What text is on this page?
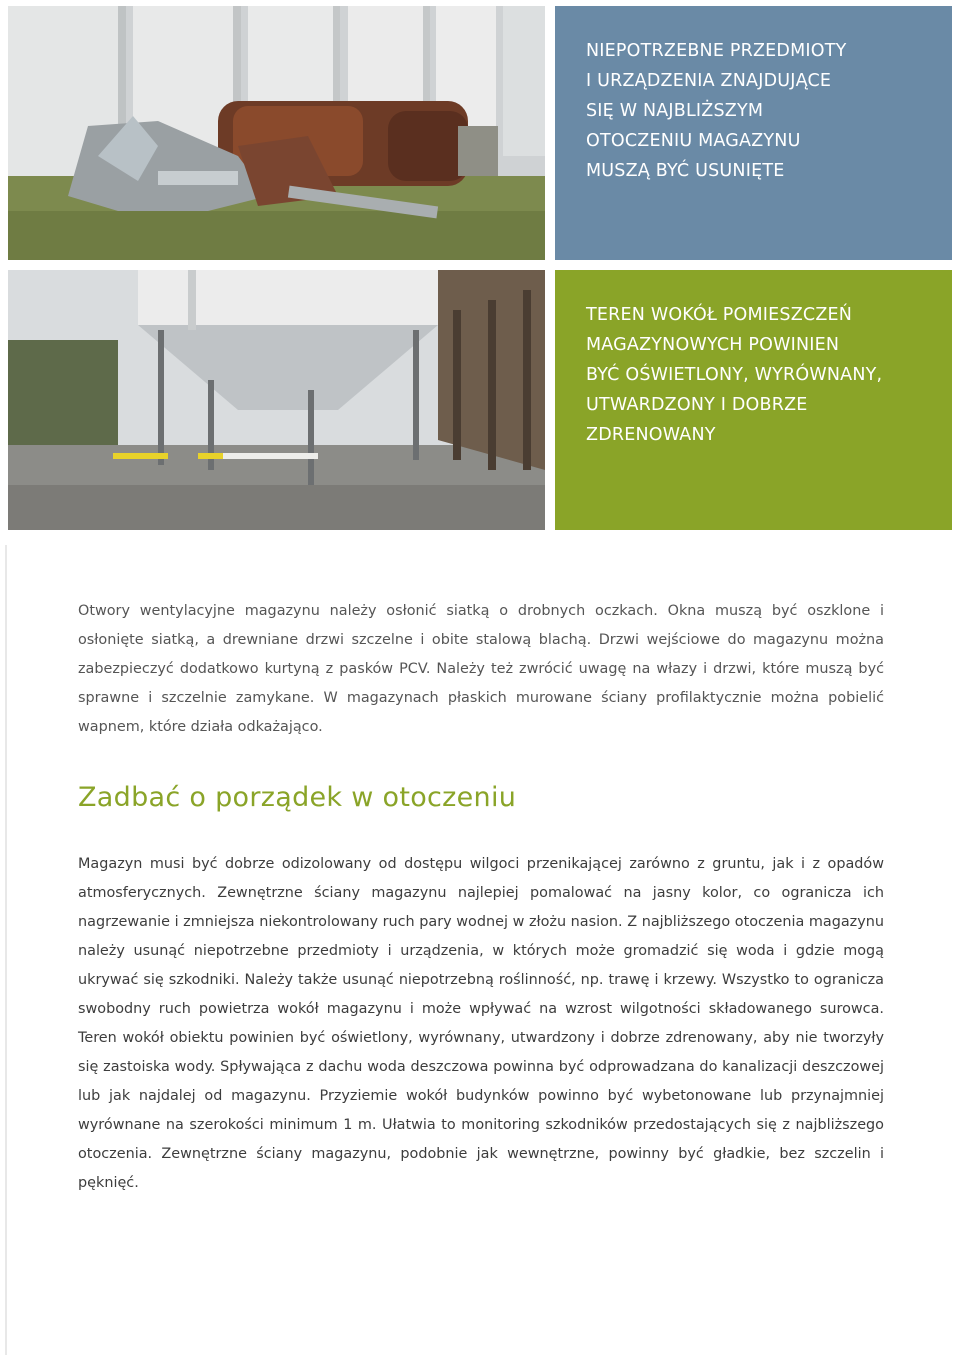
NIEPOTRZEBNE PRZEDMIOTY
I URZĄDZENIA ZNAJDUJĄCE
SIĘ W NAJBLIŻSZYM
OTOCZENIU MAGAZYNU
MUSZĄ BYĆ USUNIĘTE
TEREN WOKÓŁ POMIESZCZEŃ
MAGAZYNOWYCH POWINIEN
BYĆ OŚWIETLONY, WYRÓWNANY,
UTWARDZONY I DOBRZE
ZDRENOWANY

Otwory wentylacyjne magazynu należy osłonić siatką o drobnych oczkach. Okna muszą być oszklone i osłonięte siatką, a drewniane drzwi szczelne i obite stalową blachą. Drzwi wejściowe do magazynu można zabezpieczyć dodatkowo kurtyną z pasków PCV. Należy też zwrócić uwagę na włazy i drzwi, które muszą być sprawne i szczelnie zamykane. W magazynach płaskich murowane ściany profilaktycznie można pobielić wapnem, które działa odkażająco.

Zadbać o porządek w otoczeniu

Magazyn musi być dobrze odizolowany od dostępu wilgoci przenikającej zarówno z gruntu, jak i z opadów atmosferycznych. Zewnętrzne ściany magazynu najlepiej pomalować na jasny kolor, co ogranicza ich nagrzewanie i zmniejsza niekontrolowany ruch pary wodnej w złożu nasion. Z najbliższego otoczenia magazynu należy usunąć niepotrzebne przedmioty i urządzenia, w których może gromadzić się woda i gdzie mogą ukrywać się szkodniki. Należy także usunąć niepotrzebną roślinność, np. trawę i krzewy. Wszystko to ogranicza swobodny ruch powietrza wokół magazynu i może wpływać na wzrost wilgotności składowanego surowca. Teren wokół obiektu powinien być oświetlony, wyrównany, utwardzony i dobrze zdrenowany, aby nie tworzyły się zastoiska wody. Spływająca z dachu woda deszczowa powinna być odprowadzana do kanalizacji deszczowej lub jak najdalej od magazynu. Przyziemie wokół budynków powinno być wybetonowane lub przynajmniej wyrównane na szerokości minimum 1 m. Ułatwia to monitoring szkodników przedostających się z najbliższego otoczenia. Zewnętrzne ściany magazynu, podobnie jak wewnętrzne, powinny być gładkie, bez szczelin i pęknięć.
